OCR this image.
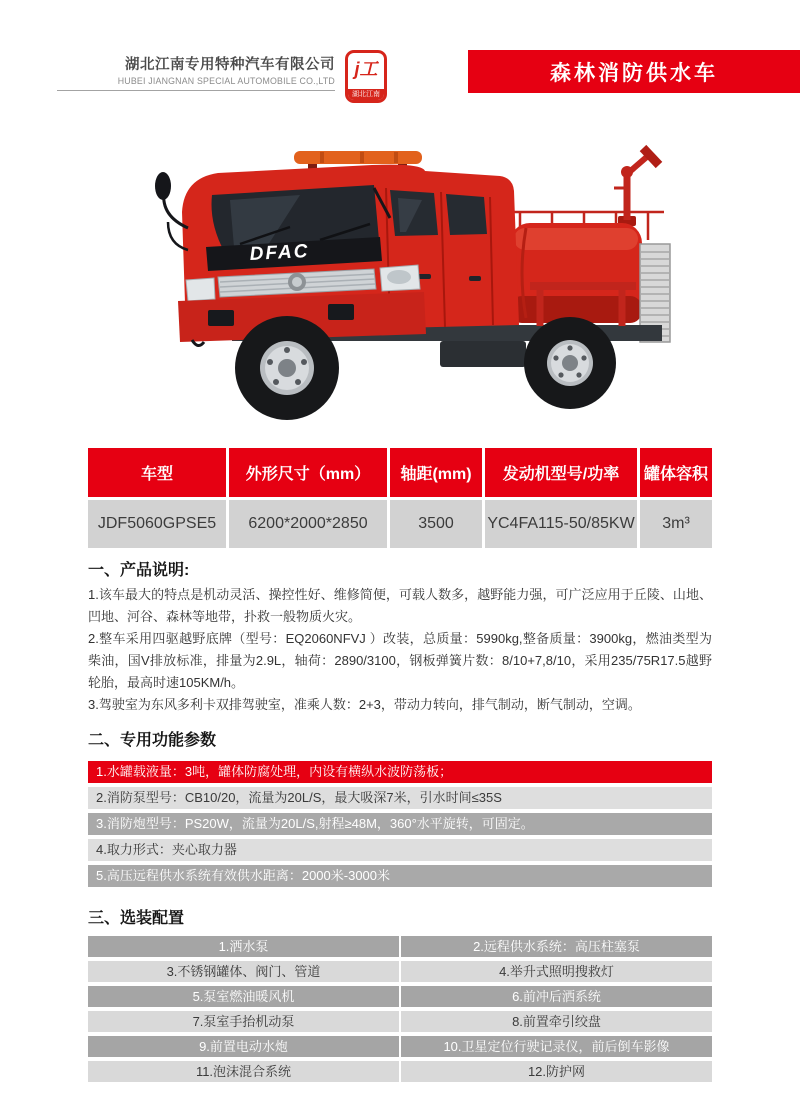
湖北江南专用特种汽车有限公司
HUBEI JIANGNAN SPECIAL AUTOMOBILE CO.,LTD
j工
湖北江南
森林消防供水车
DFAC
车型	外形尺寸（mm）	轴距(mm)	发动机型号/功率	罐体容积
JDF5060GPSE5	6200*2000*2850	3500	YC4FA115-50/85KW	3m³
一、产品说明:

1.该车最大的特点是机动灵活、操控性好、维修简便，可载人数多，越野能力强，可广泛应用于丘陵、山地、凹地、河谷、森林等地带，扑救一般物质火灾。

2.整车采用四驱越野底牌（型号：EQ2060NFVJ ）改装，总质量：5990kg,整备质量：3900kg，燃油类型为柴油，国V排放标准，排量为2.9L，轴荷：2890/3100，钢板弹簧片数：8/10+7,8/10，采用235/75R17.5越野轮胎，最高时速105KM/h。

3.驾驶室为东风多利卡双排驾驶室，准乘人数：2+3，带动力转向，排气制动，断气制动，空调。

二、专用功能参数
1.水罐载液量：3吨，罐体防腐处理，内设有横纵水波防荡板；
2.消防泵型号：CB10/20，流量为20L/S，最大吸深7米，引水时间≤35S
3.消防炮型号：PS20W，流量为20L/S,射程≥48M，360°水平旋转，可固定。
4.取力形式：夹心取力器
5.高压远程供水系统有效供水距离：2000米-3000米
三、选装配置
1.洒水泵	2.远程供水系统：高压柱塞泵
3.不锈钢罐体、阀门、管道	4.举升式照明搜救灯
5.泵室燃油暖风机	6.前冲后洒系统
7.泵室手抬机动泵	8.前置牵引绞盘
9.前置电动水炮	10.卫星定位行驶记录仪，前后倒车影像
11.泡沫混合系统	12.防护网
